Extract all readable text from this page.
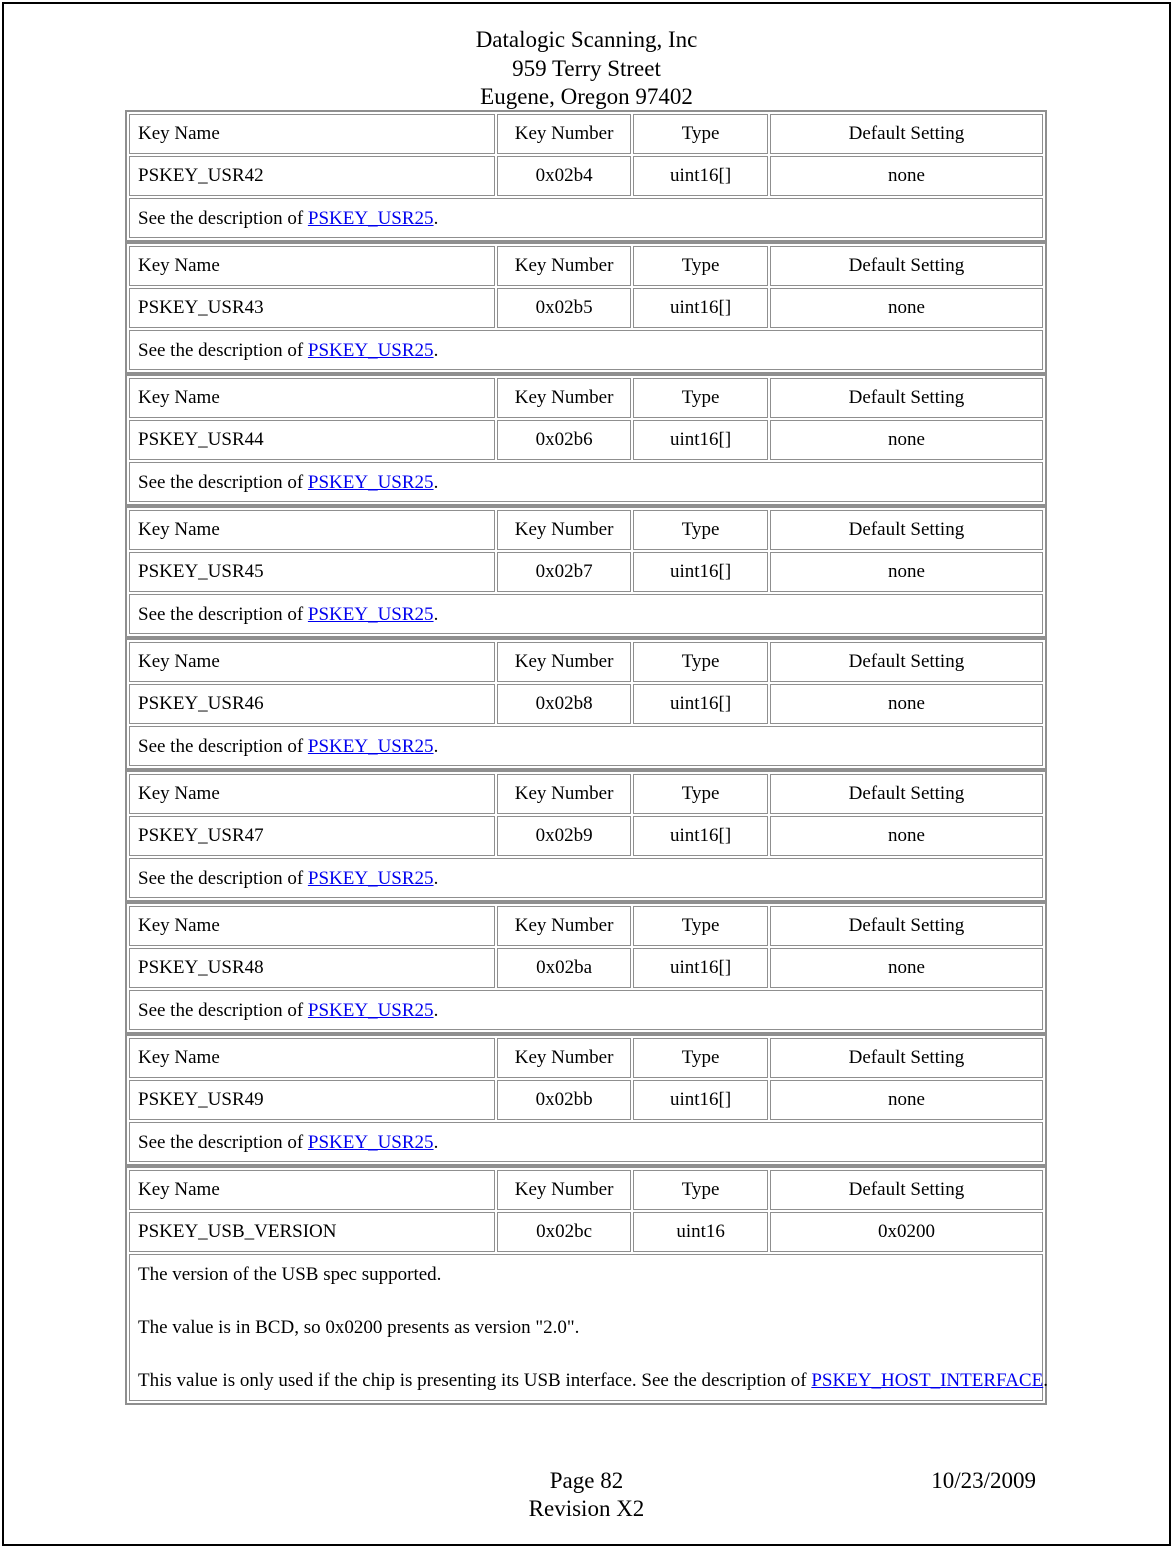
Datalogic Scanning, Inc
959 Terry Street
Eugene, Oregon 97402
Key Name	Key Number	Type	Default Setting
PSKEY_USR42	0x02b4	uint16[]	none

See the description of PSKEY_USR25.			

Key Name	Key Number	Type	Default Setting
PSKEY_USR43	0x02b5	uint16[]	none

See the description of PSKEY_USR25.			

Key Name	Key Number	Type	Default Setting
PSKEY_USR44	0x02b6	uint16[]	none

See the description of PSKEY_USR25.			

Key Name	Key Number	Type	Default Setting
PSKEY_USR45	0x02b7	uint16[]	none

See the description of PSKEY_USR25.			

Key Name	Key Number	Type	Default Setting
PSKEY_USR46	0x02b8	uint16[]	none

See the description of PSKEY_USR25.			

Key Name	Key Number	Type	Default Setting
PSKEY_USR47	0x02b9	uint16[]	none

See the description of PSKEY_USR25.			

Key Name	Key Number	Type	Default Setting
PSKEY_USR48	0x02ba	uint16[]	none

See the description of PSKEY_USR25.			

Key Name	Key Number	Type	Default Setting
PSKEY_USR49	0x02bb	uint16[]	none

See the description of PSKEY_USR25.			

Key Name	Key Number	Type	Default Setting
PSKEY_USB_VERSION	0x02bc	uint16	0x0200

The version of the USB spec supported.

The value is in BCD, so 0x0200 presents as version "2.0".

This value is only used if the chip is presenting its USB interface. See the description of PSKEY_HOST_INTERFACE.			

Page 82
Revision X2
10/23/2009
